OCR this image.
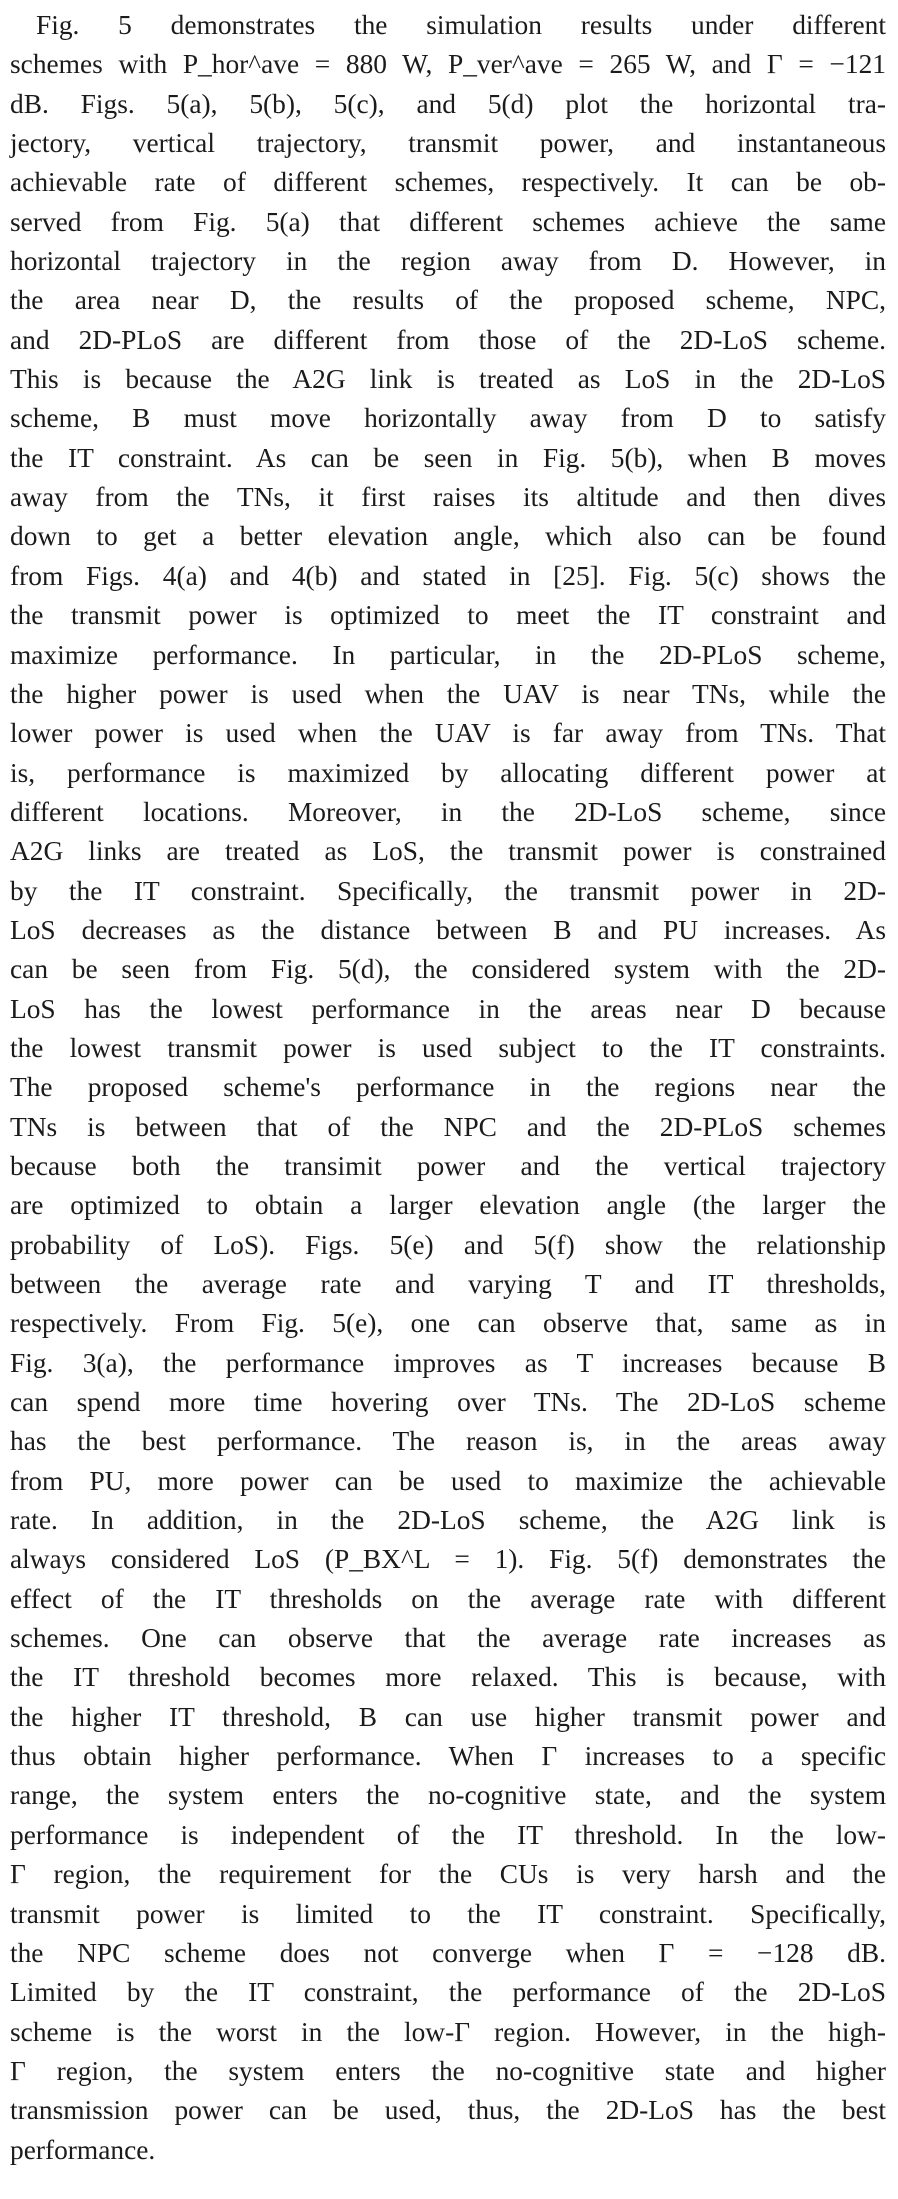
Fig. 5 demonstrates the simulation results under different
schemes with P_hor^ave = 880 W, P_ver^ave = 265 W, and Γ = −121
dB. Figs. 5(a), 5(b), 5(c), and 5(d) plot the horizontal tra-
jectory, vertical trajectory, transmit power, and instantaneous
achievable rate of different schemes, respectively. It can be ob-
served from Fig. 5(a) that different schemes achieve the same
horizontal trajectory in the region away from D. However, in
the area near D, the results of the proposed scheme, NPC,
and 2D-PLoS are different from those of the 2D-LoS scheme.
This is because the A2G link is treated as LoS in the 2D-LoS
scheme, B must move horizontally away from D to satisfy
the IT constraint. As can be seen in Fig. 5(b), when B moves
away from the TNs, it first raises its altitude and then dives
down to get a better elevation angle, which also can be found
from Figs. 4(a) and 4(b) and stated in [25]. Fig. 5(c) shows the
the transmit power is optimized to meet the IT constraint and
maximize performance. In particular, in the 2D-PLoS scheme,
the higher power is used when the UAV is near TNs, while the
lower power is used when the UAV is far away from TNs. That
is, performance is maximized by allocating different power at
different locations. Moreover, in the 2D-LoS scheme, since
A2G links are treated as LoS, the transmit power is constrained
by the IT constraint. Specifically, the transmit power in 2D-
LoS decreases as the distance between B and PU increases. As
can be seen from Fig. 5(d), the considered system with the 2D-
LoS has the lowest performance in the areas near D because
the lowest transmit power is used subject to the IT constraints.
The proposed scheme's performance in the regions near the
TNs is between that of the NPC and the 2D-PLoS schemes
because both the transimit power and the vertical trajectory
are optimized to obtain a larger elevation angle (the larger the
probability of LoS). Figs. 5(e) and 5(f) show the relationship
between the average rate and varying T and IT thresholds,
respectively. From Fig. 5(e), one can observe that, same as in
Fig. 3(a), the performance improves as T increases because B
can spend more time hovering over TNs. The 2D-LoS scheme
has the best performance. The reason is, in the areas away
from PU, more power can be used to maximize the achievable
rate. In addition, in the 2D-LoS scheme, the A2G link is
always considered LoS (P_BX^L = 1). Fig. 5(f) demonstrates the
effect of the IT thresholds on the average rate with different
schemes. One can observe that the average rate increases as
the IT threshold becomes more relaxed. This is because, with
the higher IT threshold, B can use higher transmit power and
thus obtain higher performance. When Γ increases to a specific
range, the system enters the no-cognitive state, and the system
performance is independent of the IT threshold. In the low-
Γ region, the requirement for the CUs is very harsh and the
transmit power is limited to the IT constraint. Specifically,
the NPC scheme does not converge when Γ = −128 dB.
Limited by the IT constraint, the performance of the 2D-LoS
scheme is the worst in the low-Γ region. However, in the high-
Γ region, the system enters the no-cognitive state and higher
transmission power can be used, thus, the 2D-LoS has the best
performance.
